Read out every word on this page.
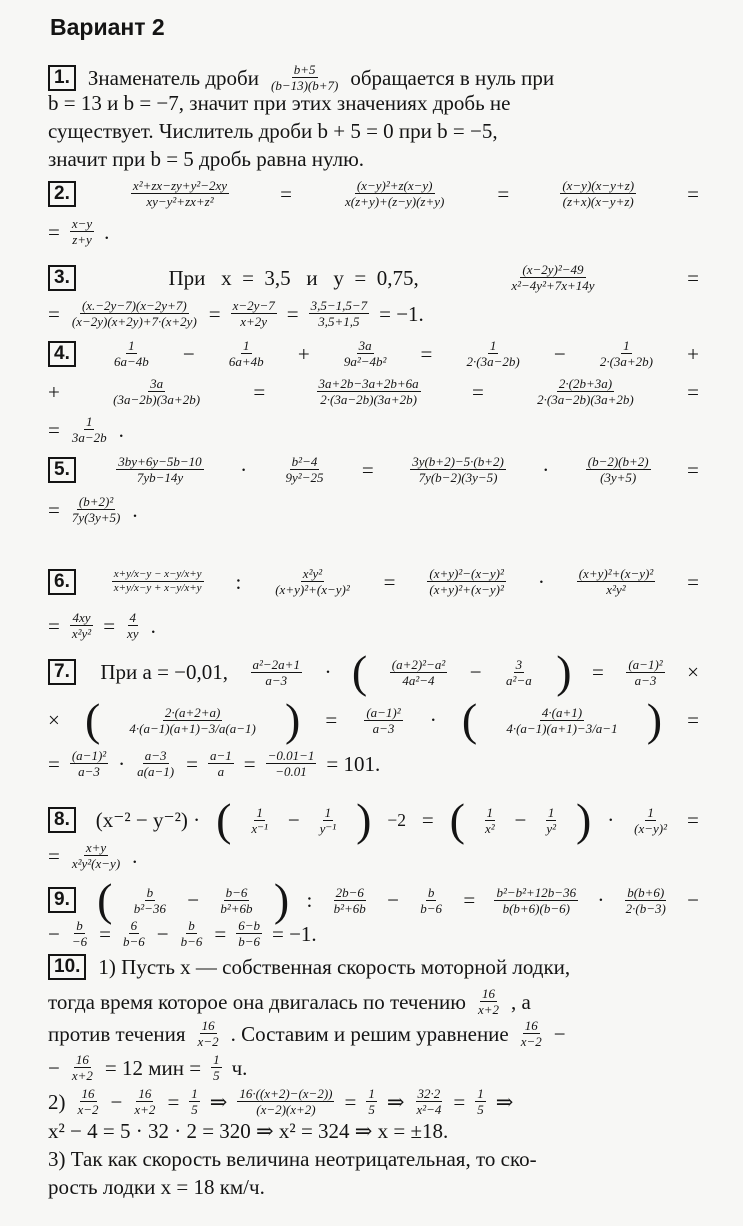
Вариант 2
1. Знаменатель дроби $\frac{b+5}{(b-13)(b+7)}$ обращается в нуль при
b = 13 и b = −7, значит при этих значениях дробь не
существует. Числитель дроби b + 5 = 0 при b = −5,
значит при b = 5 дробь равна нулю.
2.	$\frac{\text{x²+zx−zy+y²−2xy}}{\text{xy−y²+zx+z²}}$ =	$\frac{\text{(x−y)²+z(x−y)}}{x(z+y)+(z-y)(z+y)}$ =	$\frac{(x-y)(x-y+z)}{(z+x)(x-y+z)}$ =
= $\frac{x-y}{z+y}$ .
3.	При   x  =  3,5   и   y  =  0,75,	$\frac{\text{(x−2y)²−49}}{\text{x²−4y²+7x+14y}}$	=
= $\frac{(x.-2y-7)(x-2y+7)}{(x-2y)(x+2y)+7\cdot(x+2y)} = \frac{x-2y-7}{x+2y} = \frac{3,5-1,5-7}{3,5+1,5} = -1$.
4.	$\frac{1}{6a-4b} - \frac{1}{6a+4b} + \frac{3a}{\text{9a²−4b²}} = \frac{1}{2\cdot(3a-2b)} - \frac{1}{2\cdot(3a+2b)}$ +
+	$\frac{3a}{(3a-2b)(3a+2b)}$ =	$\frac{3a+2b-3a+2b+6a}{2\cdot(3a-2b)(3a+2b)}$ =	$\frac{2\cdot(2b+3a)}{2\cdot(3a-2b)(3a+2b)}$ =
= $\frac{1}{3a-2b}$ .
5.	$\frac{3by+6y-5b-10}{7yb-14y}$ ·	$\frac{\text{b²−4}}{\text{9y²−25}}$ =	$\frac{3y(b+2)-5\cdot(b+2)}{7y(b-2)(3y-5)}$ ·	$\frac{(b-2)(b+2)}{(3y+5)}$ =
= $\frac{\text{(b+2)²}}{7y(3y+5)}$ .
6.	$\frac{x+y/x-y - x-y/x+y}{x+y/x-y + x-y/x+y}$ : $\frac{\text{x²y²}}{\text{(x+y)²+(x−y)²}} = \frac{\text{(x+y)²−(x−y)²}}{\text{(x+y)²+(x−y)²}} \cdot \frac{\text{(x+y)²+(x−y)²}}{\text{x²y²}}$ =
= $\frac{4xy}{\text{x²y²}} = \frac{4}{xy}$ .
7. При a = −0,01, $\frac{\text{a²−2a+1}}{a-3}$ · ( $\frac{\text{(a+2)²−a²}}{\text{4a²−4}} - \frac{3}{\text{a²−a}}$ ) = $\frac{\text{(a−1)²}}{a-3}$ ×
× ( $\frac{2\cdot(a+2+a)}{4\cdot(a-1)(a+1)-3/a(a-1)}$ ) = $\frac{\text{(a−1)²}}{a-3}$ · ( $\frac{4\cdot(a+1)}{4\cdot(a-1)(a+1)-3/a-1}$ ) =
= $\frac{\text{(a−1)²}}{a-3} \cdot \frac{a-3}{a(a-1)} = \frac{a-1}{a} = \frac{-0.01-1}{-0.01} = 101$.
8. (x⁻² − y⁻²) · ( $\frac{1}{\text{x⁻¹}} - \frac{1}{\text{y⁻¹}}$ ) −2 = ( $\frac{1}{\text{x²}} - \frac{1}{\text{y²}}$ ) · $\frac{1}{\text{(x−y)²}}$ =
= $\frac{x+y}{\text{x²y²(x−y)}}$ .
9. ( $\frac{b}{\text{b²−36}} - \frac{b-6}{\text{b²+6b}}$ ) : $\frac{2b-6}{\text{b²+6b}} - \frac{b}{b-6} = \frac{\text{b²−b²+12b−36}}{b(b+6)(b-6)} \cdot \frac{b(b+6)}{2\cdot(b-3)}$ −
− $\frac{b}{-6} = \frac{6}{b-6} - \frac{b}{b-6} = \frac{6-b}{b-6} = -1$.
10. 1) Пусть x — собственная скорость моторной лодки,
тогда время которое она двигалась по течению $\frac{16}{x+2}$ , а
против течения $\frac{16}{x-2}$ . Составим и решим уравнение $\frac{16}{x-2}$ −
− $\frac{16}{x+2} = 12$ мин = $\frac{1}{5} ч$.
$2) \frac{16}{x-2} - \frac{16}{x+2} = \frac{1}{5}$ ⇒ $\frac{16\cdot((x+2)-(x-2))}{(x-2)(x+2)} = \frac{1}{5}$ ⇒ $\frac{32\cdot 2}{\text{x²−4}} = \frac{1}{5}$ ⇒
x² − 4 = 5 · 32 · 2 = 320 ⇒ x² = 324 ⇒ x = ±18.
3) Так как скорость величина неотрицательная, то ско-
рость лодки x = 18 км/ч.
